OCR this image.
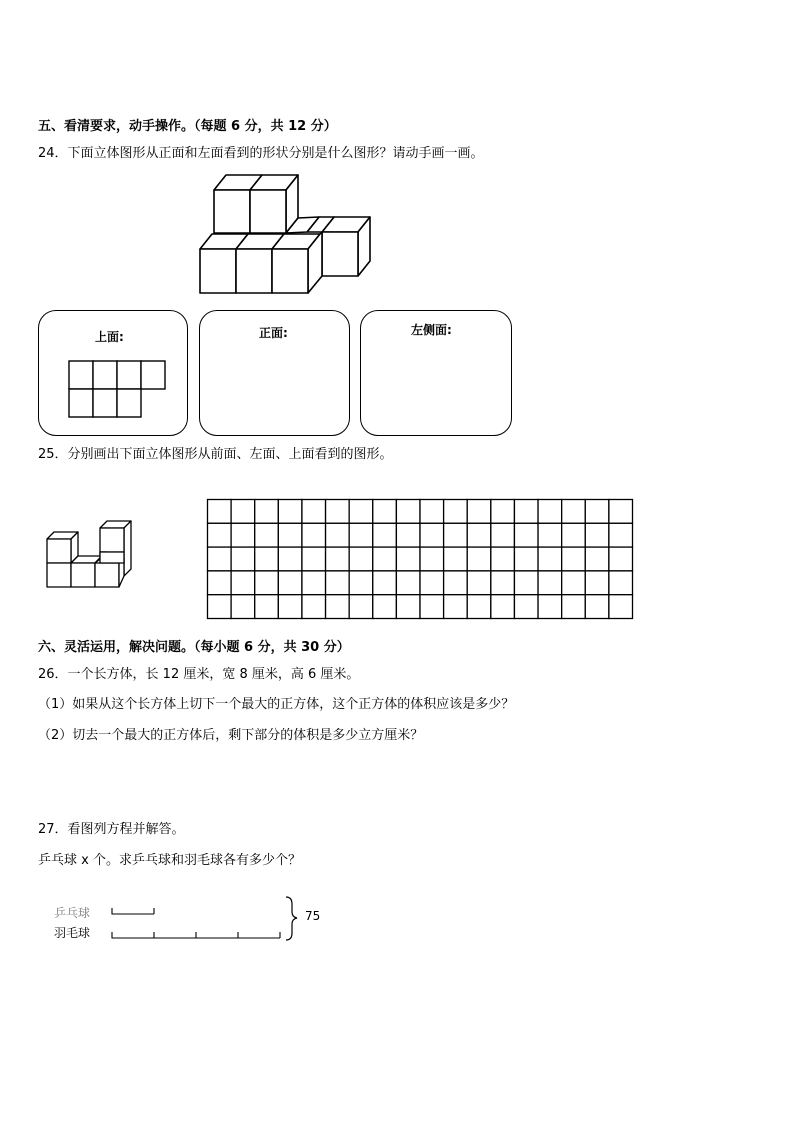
五、看清要求，动手操作。（每题 6 分，共 12 分）
24．下面立体图形从正面和左面看到的形状分别是什么图形？请动手画一画。
上面:	正面:	左侧面:
25．分别画出下面立体图形从前面、左面、上面看到的图形。
六、灵活运用，解决问题。（每小题 6 分，共 30 分）
26．一个长方体，长 12 厘米，宽 8 厘米，高 6 厘米。
（1）如果从这个长方体上切下一个最大的正方体，这个正方体的体积应该是多少？
（2）切去一个最大的正方体后，剩下部分的体积是多少立方厘米？
27．看图列方程并解答。
乒乓球 x 个。求乒乓球和羽毛球各有多少个？
乒乓球
羽毛球
75
